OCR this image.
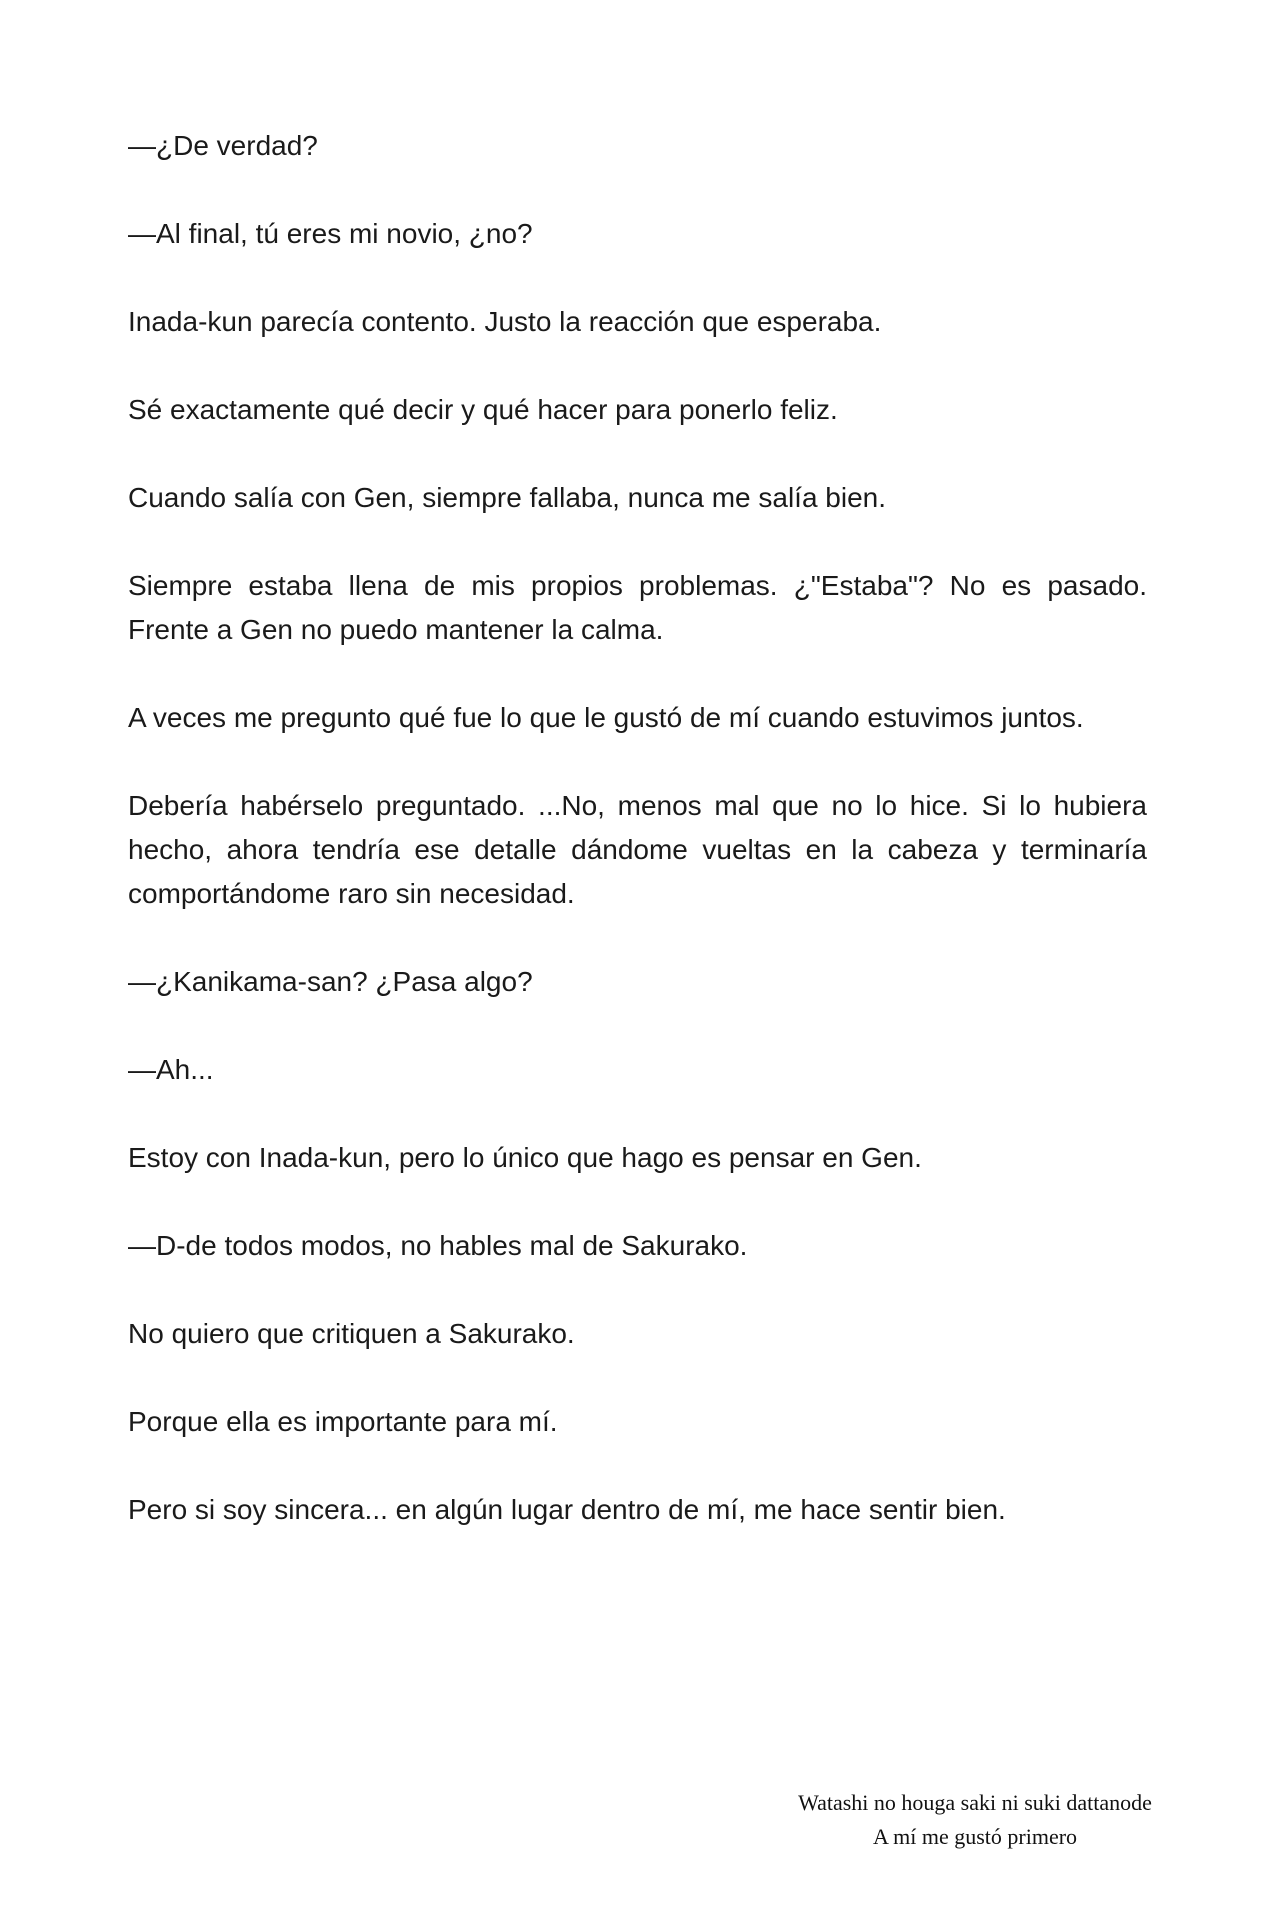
—¿De verdad?

—Al final, tú eres mi novio, ¿no?

Inada-kun parecía contento. Justo la reacción que esperaba.

Sé exactamente qué decir y qué hacer para ponerlo feliz.

Cuando salía con Gen, siempre fallaba, nunca me salía bien.

Siempre estaba llena de mis propios problemas. ¿"Estaba"? No es pasado. Frente a Gen no puedo mantener la calma.

A veces me pregunto qué fue lo que le gustó de mí cuando estuvimos juntos.

Debería habérselo preguntado. ...No, menos mal que no lo hice. Si lo hubiera hecho, ahora tendría ese detalle dándome vueltas en la cabeza y terminaría comportándome raro sin necesidad.

—¿Kanikama-san? ¿Pasa algo?

—Ah...

Estoy con Inada-kun, pero lo único que hago es pensar en Gen.

—D-de todos modos, no hables mal de Sakurako.

No quiero que critiquen a Sakurako.

Porque ella es importante para mí.

Pero si soy sincera... en algún lugar dentro de mí, me hace sentir bien.

Watashi no houga saki ni suki dattanode
A mí me gustó primero
